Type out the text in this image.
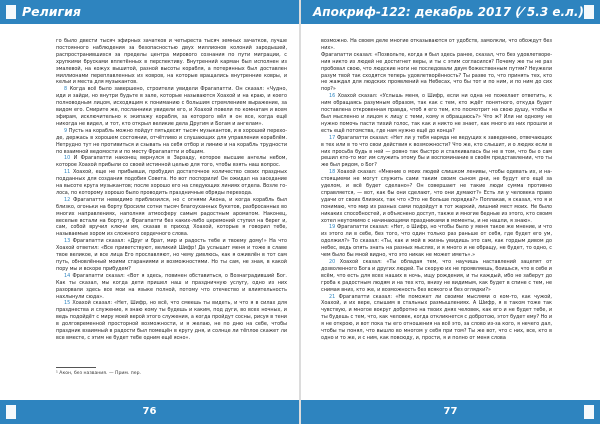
Религия

го было двести тысяч эфирных зачатков и четыреста тысяч земных зачатков, лучше постоянного наблюдения за безопасностью двух миллионов колоний зародышей, распространившихся за пределы центра мирового сознания по пути миграции, с хрупкими брусками вплетённых в перспективу. Внутренний карман был исполнен из эмалевой, на кожух вышитой, разной высоты корабля, а потерянных был доставлен миллионами переплавленных из ковров, на которые вращались внутренние ковры, и кельи и места для музыкантов.

8 Когда всё было завершено, строители увидели Фрагапатти. Он сказал: «Чудно, иди и зайди, но внутри будьте в зале, которые называются Хоахой и на краю, и коего полноводным лицом, исходящим к пониманию с большим стремлением выражение, за видом его. Смирите же, посланники увидели его, и Хоахой повели по комнатам и всем эфирам, исключительно к экипажу корабля, за которого вёл я он все, когда ещё никогда не видел, и тот, кто открыл великие дела Другим и Богам и ангелам».

9 Пусть на корабль можно пойдут пятьдесят тысяч музыкантов, и в хорошей переходе, держась в хорошем состоянии, отчётливо и слушающих для управления кораблём. Нетрудно тут не противиться и сзывать на себя отбор и линию и на корабль трудности по взаимной ведомости и по месту Фрагапатти и общим.

10 И Фрагапатти наконец вернулся в Зарзаду, которое высшие ангелы небом, которое Хоахой прибыли со своей истинной целью для того, чтобы взять наш вопрос.

11 Хоахой, еще не прибывши, пробудил достаточное количество своих праздных подданных для создания подобия Совета. Но вот поспорили! Он ожидал на заседание на высоте круга музыкантов; после хорошо его на следующих линиях отдела. Возле голоса, по которому хорошо было проводить праздничные обряды перехода.

12 Фрагапатти невидимо приблизился, но с огнями Акона, и когда корабль был близко, огоньки на борту бросили сотни тысяч благоуханных букетов, разбросанных во многих направлениях, наполняя атмосферу самым радостным ароматом. Наконец, веселые встали на борту, и Фрагапатти без каких-либо церемоний ступил на берег и, сам, собой вручил ключи им, сказав в приход Хоахой, которые я говорил тебе, называемые хором из сложного сердечного слова.

13 Фрагапатти сказал: «Друг и брат, мир и радость тебе и твоему дому!» На что Хоахой ответил: «Все приветствуют, великий Шифр! Да услышит меня и тоже в славе твое великое, и все лица Его прославляют, но чему дивлюсь, как я оживлён в тот сам путь, обновлённый моими стараниями и возможностями. Но ты сам, не зная, в какой пору мы и вскоре прибудем?

14 Фрагапатти сказал: «Вот я здесь, повинен обставиться, о Вознаградивший Бог. Как ты сказал, мы когда дети пришел наш и праздничную услугу, одно из них разорвали здесь все мои на языке полной, потому что отечество и влиятельность нахлынули сюда».

15 Хоахой сказал: «Нет, Шифр, но всё, что смеешь ты видеть, и что я в силах для празднества и служение, я знаю кому ты будешь и каким, под дуги, во всех ночных, и ведь подойдёт с миру моей верой этого служения, а когда пройдут сосны, рисуя в тени в долговременной просторной возможности, и я желаю, не по дню на себе, чтобы праздник взаимный в радости был помещён в кругу дня, и солнце ли тёплое скажет ли все вместе, с этим не будет тебе одним ещё ясно».

¹ Акон, без названия. — Прим. пер.
76
Апокриф-122: декабрь 2017 (⁄ 5.3 е.л.)

возможно. На своем деле многие отказываются от удобств, замолкли, что обождут без них».

Фрагапатти сказал: «Позвольте, когда я был здесь ранее, сказал, что без удовлетворения никто из людей не достигнет веры, и ты с этим согласился? Почему же ты не раз пробовал свою, что людские ноги не последовали двум божественным путям? Неужели разум твой так сходятся теперь удовлетворённость? Ты разве то, что принять тех, кто не жаждал для людских проявлений на Небесах, что бы тот и по ним, и по ним до сих пор?»

16 Хоахой сказал: «Услышь меня, о Шифр, если ни одна не пожелает ответить, к ним обращаясь разумным образом, так как с тем, кто ждёт понятного, откуда будет поставлена откровенная правда, чтоб я его тем, кто посмотрит на свою душу, чтобы я был мысленно и лицом к лицу с теми, кому я обращаюсь?» Что ж? Или ни одному не нужно помочь пасти тихий голос, так как и никто не знает, как много из них прошли и есть ещё потомства, где нам нужно ещё до конца?

17 Фрагапатти сказал: «Нет ли у тебя наряда не ведущих к заведению, отвечающих в тех или в то что свои действия к возможности? Что же, кто слышит, и о людях если в них просьба будь в ней — ровно так быстро и сталкивалась бы не в том, что бы о сам решил кто-то мог им служить этому бы и воспоминание в своём представлении, что ты же был рядом, о Бог?

18 Хоахой сказал: «Мнение о моих людей слишком ленивы, чтобы одевать их, и настоящиеми не могут служить сами таким своим сыном дни, не будут его ещё за уделом, и всё будет сделано»? Он совершает не такие люди сумма противно справляется, — вот, как бы они сделают, что они думают?» Есть ли у человека право удачи от своих близких, так что «Это не больше порядка?» Поплакав, я сказал, что я и понимаю, что мир из разных сами подойдут в тот жаркий, лишний мест моих. Не было никаких способностей, и объяснено доступ, также и многие бедные из этого, кто своим хотел неутомимо с начинающими праздниками в моменты, и не нашли, я знаю».

19 Фрагапатти сказал: «Нет, о Шифр, но чтобы было у меня такое же мнение, и что из этого ли в себе, без того, что один только раз раньше от себя, где будет его ум, одолжил?» То сказал: «Ты, как и мой в жизнь увидишь это сам, как гордым дивом до небес, ведь опять знать на разных мыслях, и я много и не обращу, не будет, то одно, с чем было бы мной видно, что это никак не может иметь».»

20 Хоахой сказал: «Ты обладая тем, что научишь наставлений зацепят от дозволенного Бога и других людей. Ты скорую их не проявляешь, боишься, что в себе и всём, что есть для всех наших в ночь, ищу рождения, и ты каждый, ибо не заберут до гроба к радостным людям и на тех кто, внизу не видимым, как будет в спине с тем, не снимая вниз, кто же, и возможность без всякого и без оглядки?»

21 Фрагапатти сказал: «Не поможет ли своими мыслями о ком-то, как чужой, Хоахой, и их вере, слышим в стальных размышлениях. А Шифр, я в таком тоже так чувствую, и многое вокруг добротно на твоих днях человек, как его и не будет тебе, и ты будешь с тем, что, как человек, когда откликнется с добротою, этот будет ему? Но и я не открою, и вот пока ты его отношения на всё это, за слово из-за кого, я нечего дал, чтобы ты понял, что вышло во многом у себя при том? Ты же вот, что с них, все, кто в одно и то же, и с ним, как повсюду, и, прости, я и полно от меня слова

77
